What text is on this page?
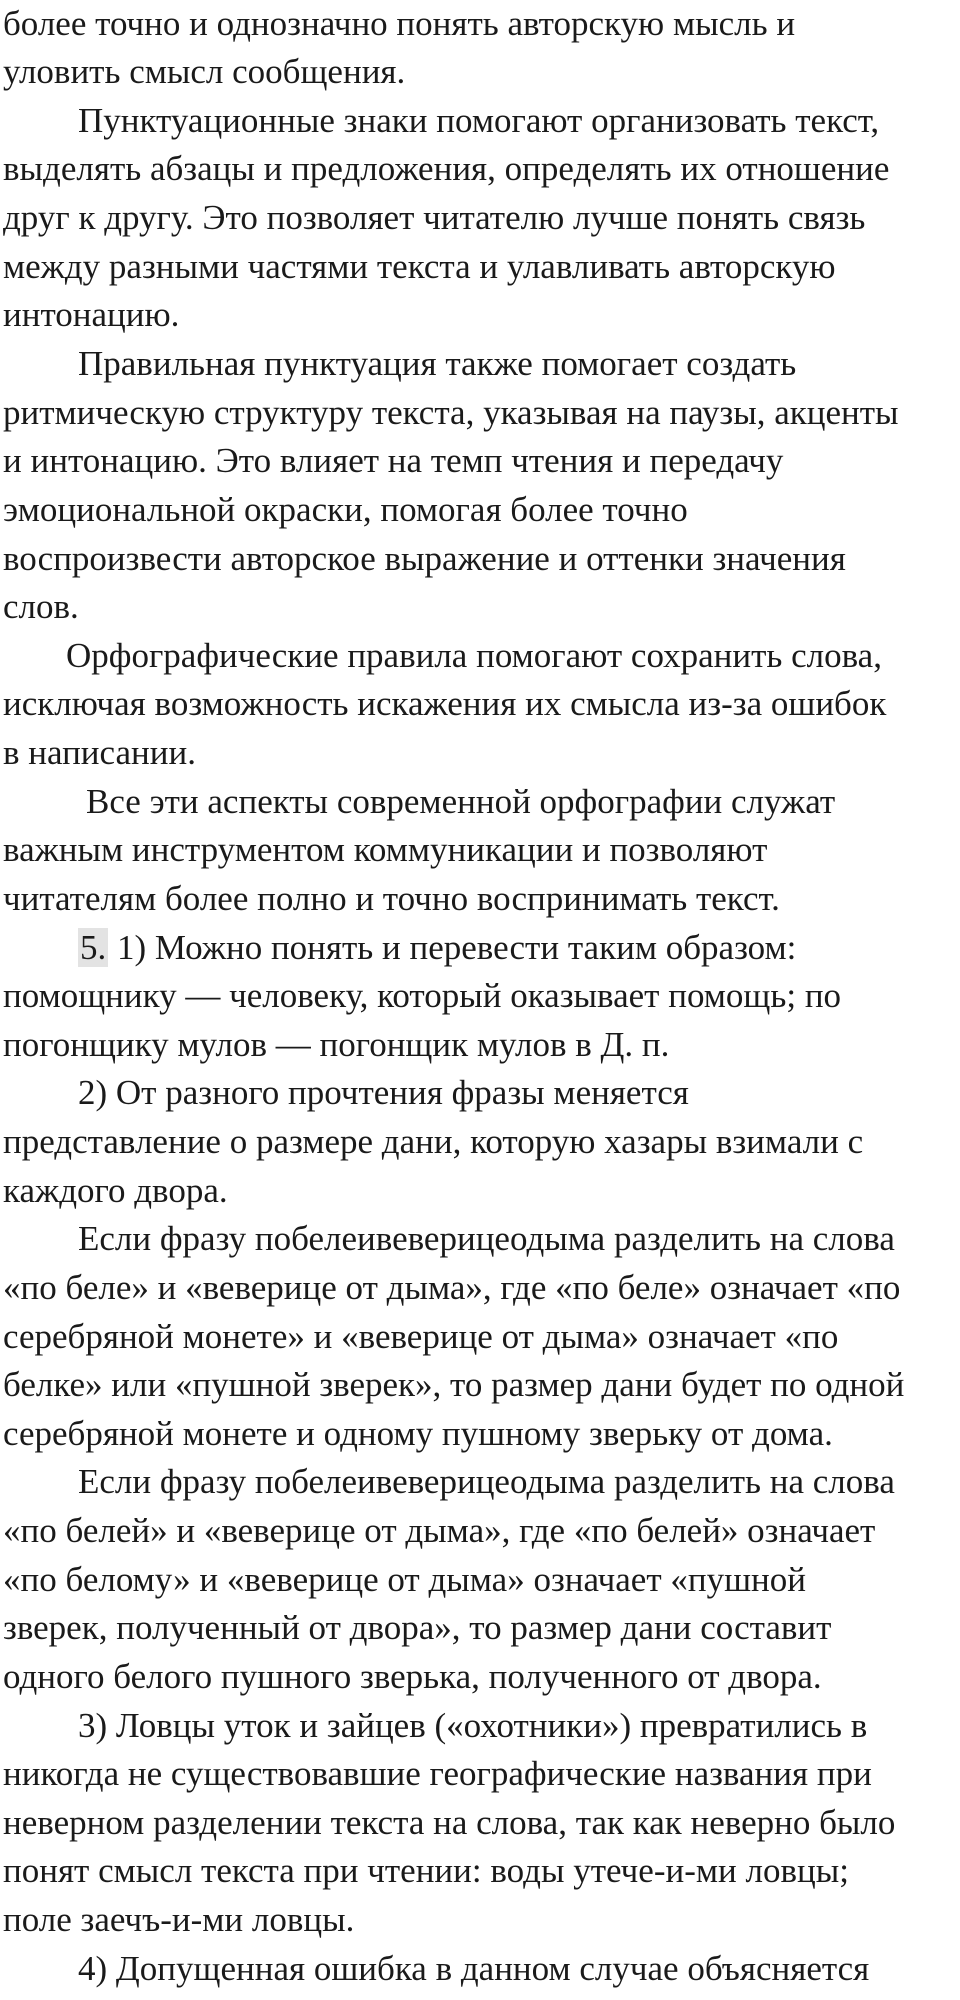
более точно и однозначно понять авторскую мысль и

уловить смысл сообщения.

Пунктуационные знаки помогают организовать текст,

выделять абзацы и предложения, определять их отношение

друг к другу. Это позволяет читателю лучше понять связь

между разными частями текста и улавливать авторскую

интонацию.

Правильная пунктуация также помогает создать

ритмическую структуру текста, указывая на паузы, акценты

и интонацию. Это влияет на темп чтения и передачу

эмоциональной окраски, помогая более точно

воспроизвести авторское выражение и оттенки значения

слов.

Орфографические правила помогают сохранить слова,

исключая возможность искажения их смысла из-за ошибок

в написании.

Все эти аспекты современной орфографии служат

важным инструментом коммуникации и позволяют

читателям более полно и точно воспринимать текст.

5. 1) Можно понять и перевести таким образом:

помощнику — человеку, который оказывает помощь; по

погонщику мулов — погонщик мулов в Д. п.

2) От разного прочтения фразы меняется

представление о размере дани, которую хазары взимали с

каждого двора.

Если фразу побелеивеверицеодыма разделить на слова

«по беле» и «веверице от дыма», где «по беле» означает «по

серебряной монете» и «веверице от дыма» означает «по

белке» или «пушной зверек», то размер дани будет по одной

серебряной монете и одному пушному зверьку от дома.

Если фразу побелеивеверицеодыма разделить на слова

«по белей» и «веверице от дыма», где «по белей» означает

«по белому» и «веверице от дыма» означает «пушной

зверек, полученный от двора», то размер дани составит

одного белого пушного зверька, полученного от двора.

3) Ловцы уток и зайцев («охотники») превратились в

никогда не существовавшие географические названия при

неверном разделении текста на слова, так как неверно было

понят смысл текста при чтении: воды утече-и-ми ловцы;

поле заечъ-и-ми ловцы.

4) Допущенная ошибка в данном случае объясняется
